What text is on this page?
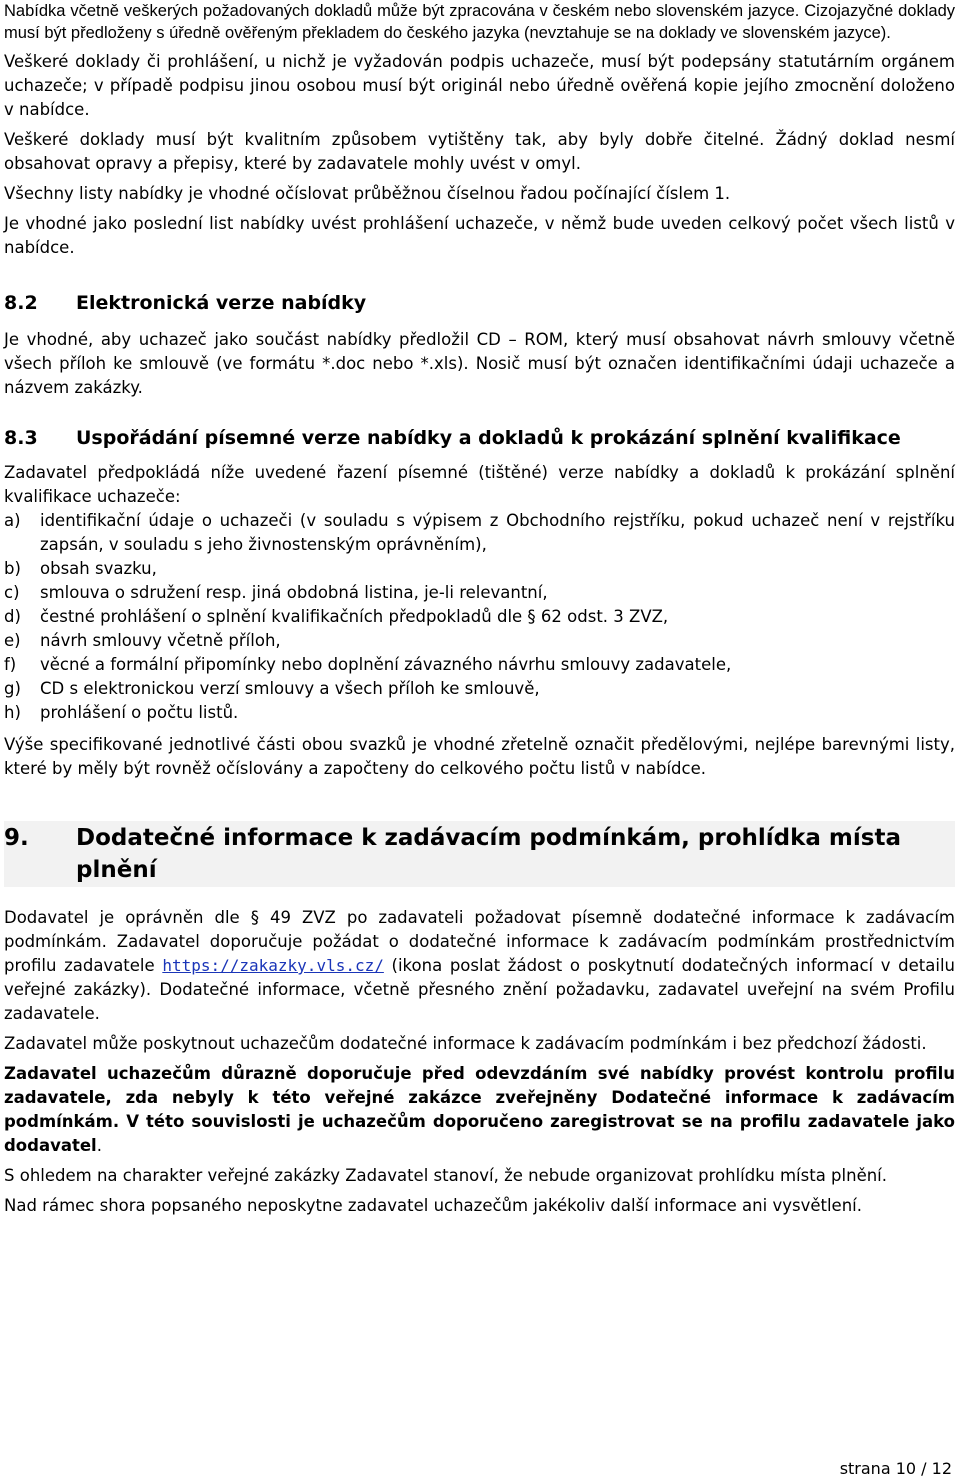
Nabídka včetně veškerých požadovaných dokladů může být zpracována v českém nebo slovenském jazyce. Cizojazyčné doklady musí být předloženy s úředně ověřeným překladem do českého jazyka (nevztahuje se na doklady ve slovenském jazyce).

Veškeré doklady či prohlášení, u nichž je vyžadován podpis uchazeče, musí být podepsány statutárním orgánem uchazeče; v případě podpisu jinou osobou musí být originál nebo úředně ověřená kopie jejího zmocnění doloženo v nabídce.

Veškeré doklady musí být kvalitním způsobem vytištěny tak, aby byly dobře čitelné. Žádný doklad nesmí obsahovat opravy a přepisy, které by zadavatele mohly uvést v omyl.

Všechny listy nabídky je vhodné očíslovat průběžnou číselnou řadou počínající číslem 1.

Je vhodné jako poslední list nabídky uvést prohlášení uchazeče, v němž bude uveden celkový počet všech listů v nabídce.

8.2	Elektronická verze nabídky

Je vhodné, aby uchazeč jako součást nabídky předložil CD – ROM, který musí obsahovat návrh smlouvy včetně všech příloh ke smlouvě (ve formátu *.doc nebo *.xls). Nosič musí být označen identifikačními údaji uchazeče a názvem zakázky.

8.3	Uspořádání písemné verze nabídky a dokladů k prokázání splnění kvalifikace

Zadavatel předpokládá níže uvedené řazení písemné (tištěné) verze nabídky a dokladů k prokázání splnění kvalifikace uchazeče:

a)	identifikační údaje o uchazeči (v souladu s výpisem z Obchodního rejstříku, pokud uchazeč není v rejstříku zapsán, v souladu s jeho živnostenským oprávněním),
b)	obsah svazku,
c)	smlouva o sdružení resp. jiná obdobná listina, je-li relevantní,
d)	čestné prohlášení o splnění kvalifikačních předpokladů dle § 62 odst. 3 ZVZ,
e)	návrh smlouvy včetně příloh,
f)	věcné a formální připomínky nebo doplnění závazného návrhu smlouvy zadavatele,
g)	CD s elektronickou verzí smlouvy a všech příloh ke smlouvě,
h)	prohlášení o počtu listů.

Výše specifikované jednotlivé části obou svazků je vhodné zřetelně označit předělovými, nejlépe barevnými listy, které by měly být rovněž očíslovány a započteny do celkového počtu listů v nabídce.

9.	Dodatečné informace k zadávacím podmínkám, prohlídka místa plnění

Dodavatel je oprávněn dle § 49 ZVZ po zadavateli požadovat písemně dodatečné informace k zadávacím podmínkám. Zadavatel doporučuje požádat o dodatečné informace k zadávacím podmínkám prostřednictvím profilu zadavatele https://zakazky.vls.cz/ (ikona poslat žádost o poskytnutí dodatečných informací v detailu veřejné zakázky). Dodatečné informace, včetně přesného znění požadavku, zadavatel uveřejní na svém Profilu zadavatele.

Zadavatel může poskytnout uchazečům dodatečné informace k zadávacím podmínkám i bez předchozí žádosti.

Zadavatel uchazečům důrazně doporučuje před odevzdáním své nabídky provést kontrolu profilu zadavatele, zda nebyly k této veřejné zakázce zveřejněny Dodatečné informace k zadávacím podmínkám. V této souvislosti je uchazečům doporučeno zaregistrovat se na profilu zadavatele jako dodavatel.

S ohledem na charakter veřejné zakázky Zadavatel stanoví, že nebude organizovat prohlídku místa plnění.

Nad rámec shora popsaného neposkytne zadavatel uchazečům jakékoliv další informace ani vysvětlení.

strana 10 / 12
